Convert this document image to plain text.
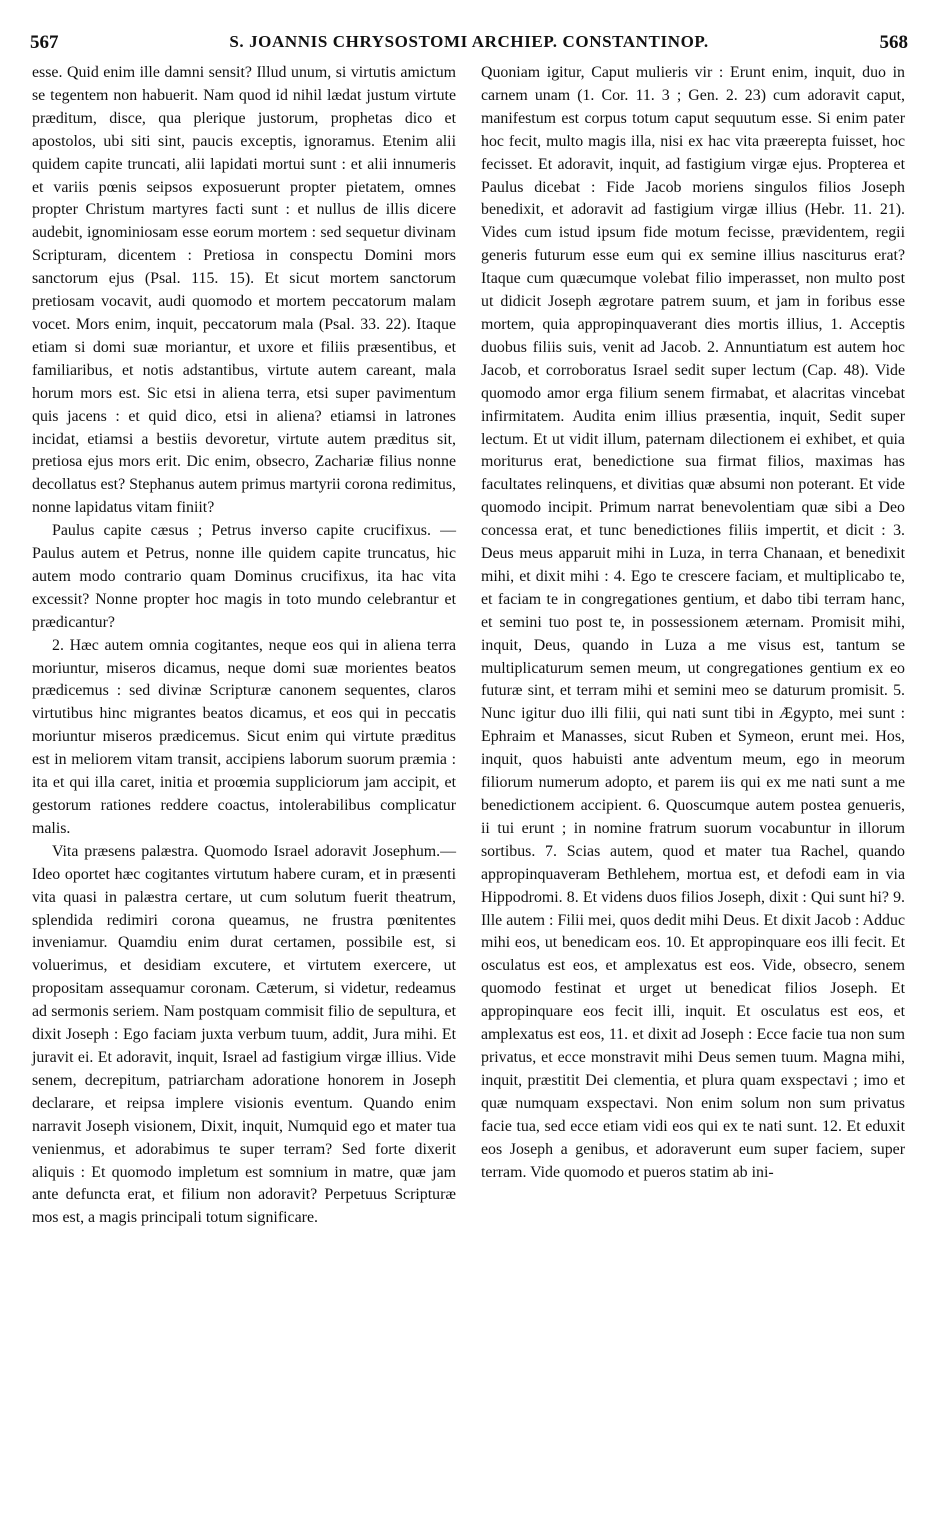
567	S. JOANNIS CHRYSOSTOMI ARCHIEP. CONSTANTINOP.	568

esse. Quid enim ille damni sensit? Illud unum, si virtutis amictum se tegentem non habuerit. Nam quod id nihil lædat justum virtute præditum, disce, qua plerique justorum, prophetas dico et apostolos, ubi siti sint, paucis exceptis, ignoramus. Etenim alii quidem capite truncati, alii lapidati mortui sunt : et alii innumeris et variis pœnis seipsos exposuerunt propter pietatem, omnes propter Christum martyres facti sunt : et nullus de illis dicere audebit, ignominiosam esse eorum mortem : sed sequetur divinam Scripturam, dicentem : Pretiosa in conspectu Domini mors sanctorum ejus (Psal. 115. 15). Et sicut mortem sanctorum pretiosam vocavit, audi quomodo et mortem peccatorum malam vocet. Mors enim, inquit, peccatorum mala (Psal. 33. 22). Itaque etiam si domi suæ moriantur, et uxore et filiis præsentibus, et familiaribus, et notis adstantibus, virtute autem careant, mala horum mors est. Sic etsi in aliena terra, etsi super pavimentum quis jacens : et quid dico, etsi in aliena? etiamsi in latrones incidat, etiamsi a bestiis devoretur, virtute autem præditus sit, pretiosa ejus mors erit. Dic enim, obsecro, Zachariæ filius nonne decollatus est? Stephanus autem primus martyrii corona redimitus, nonne lapidatus vitam finiit?

Paulus capite cæsus ; Petrus inverso capite crucifixus. — Paulus autem et Petrus, nonne ille quidem capite truncatus, hic autem modo contrario quam Dominus crucifixus, ita hac vita excessit? Nonne propter hoc magis in toto mundo celebrantur et prædicantur?

2. Hæc autem omnia cogitantes, neque eos qui in aliena terra moriuntur, miseros dicamus, neque domi suæ morientes beatos prædicemus : sed divinæ Scripturæ canonem sequentes, claros virtutibus hinc migrantes beatos dicamus, et eos qui in peccatis moriuntur miseros prædicemus. Sicut enim qui virtute præditus est in meliorem vitam transit, accipiens laborum suorum præmia : ita et qui illa caret, initia et proœmia suppliciorum jam accipit, et gestorum rationes reddere coactus, intolerabilibus complicatur malis.

Vita præsens palæstra. Quomodo Israel adoravit Josephum.—Ideo oportet hæc cogitantes virtutum habere curam, et in præsenti vita quasi in palæstra certare, ut cum solutum fuerit theatrum, splendida redimiri corona queamus, ne frustra pœnitentes inveniamur. Quamdiu enim durat certamen, possibile est, si voluerimus, et desidiam excutere, et virtutem exercere, ut propositam assequamur coronam. Cæterum, si videtur, redeamus ad sermonis seriem. Nam postquam commisit filio de sepultura, et dixit Joseph : Ego faciam juxta verbum tuum, addit, Jura mihi. Et juravit ei. Et adoravit, inquit, Israel ad fastigium virgæ illius. Vide senem, decrepitum, patriarcham adoratione honorem in Joseph declarare, et reipsa implere visionis eventum. Quando enim narravit Joseph visionem, Dixit, inquit, Numquid ego et mater tua venienmus, et adorabimus te super terram? Sed forte dixerit aliquis : Et quomodo impletum est somnium in matre, quæ jam ante defuncta erat, et filium non adoravit? Perpetuus Scripturæ mos est, a magis principali totum significare.

Quoniam igitur, Caput mulieris vir : Erunt enim, inquit, duo in carnem unam (1. Cor. 11. 3 ; Gen. 2. 23) cum adoravit caput, manifestum est corpus totum caput sequutum esse. Si enim pater hoc fecit, multo magis illa, nisi ex hac vita præerepta fuisset, hoc fecisset. Et adoravit, inquit, ad fastigium virgæ ejus. Propterea et Paulus dicebat : Fide Jacob moriens singulos filios Joseph benedixit, et adoravit ad fastigium virgæ illius (Hebr. 11. 21). Vides cum istud ipsum fide motum fecisse, prævidentem, regii generis futurum esse eum qui ex semine illius nasciturus erat? Itaque cum quæcumque volebat filio imperasset, non multo post ut didicit Joseph ægrotare patrem suum, et jam in foribus esse mortem, quia appropinquaverant dies mortis illius, 1. Acceptis duobus filiis suis, venit ad Jacob. 2. Annuntiatum est autem hoc Jacob, et corroboratus Israel sedit super lectum (Cap. 48). Vide quomodo amor erga filium senem firmabat, et alacritas vincebat infirmitatem. Audita enim illius præsentia, inquit, Sedit super lectum. Et ut vidit illum, paternam dilectionem ei exhibet, et quia moriturus erat, benedictione sua firmat filios, maximas has facultates relinquens, et divitias quæ absumi non poterant. Et vide quomodo incipit. Primum narrat benevolentiam quæ sibi a Deo concessa erat, et tunc benedictiones filiis impertit, et dicit : 3. Deus meus apparuit mihi in Luza, in terra Chanaan, et benedixit mihi, et dixit mihi : 4. Ego te crescere faciam, et multiplicabo te, et faciam te in congregationes gentium, et dabo tibi terram hanc, et semini tuo post te, in possessionem æternam. Promisit mihi, inquit, Deus, quando in Luza a me visus est, tantum se multiplicaturum semen meum, ut congregationes gentium ex eo futuræ sint, et terram mihi et semini meo se daturum promisit. 5. Nunc igitur duo illi filii, qui nati sunt tibi in Ægypto, mei sunt : Ephraim et Manasses, sicut Ruben et Symeon, erunt mei. Hos, inquit, quos habuisti ante adventum meum, ego in meorum filiorum numerum adopto, et parem iis qui ex me nati sunt a me benedictionem accipient. 6. Quoscumque autem postea genueris, ii tui erunt ; in nomine fratrum suorum vocabuntur in illorum sortibus. 7. Scias autem, quod et mater tua Rachel, quando appropinquaveram Bethlehem, mortua est, et defodi eam in via Hippodromi. 8. Et videns duos filios Joseph, dixit : Qui sunt hi? 9. Ille autem : Filii mei, quos dedit mihi Deus. Et dixit Jacob : Adduc mihi eos, ut benedicam eos. 10. Et appropinquare eos illi fecit. Et osculatus est eos, et amplexatus est eos. Vide, obsecro, senem quomodo festinat et urget ut benedicat filios Joseph. Et appropinquare eos fecit illi, inquit. Et osculatus est eos, et amplexatus est eos, 11. et dixit ad Joseph : Ecce facie tua non sum privatus, et ecce monstravit mihi Deus semen tuum. Magna mihi, inquit, præstitit Dei clementia, et plura quam exspectavi ; imo et quæ numquam exspectavi. Non enim solum non sum privatus facie tua, sed ecce etiam vidi eos qui ex te nati sunt. 12. Et eduxit eos Joseph a genibus, et adoraverunt eum super faciem, super terram. Vide quomodo et pueros statim ab ini-
